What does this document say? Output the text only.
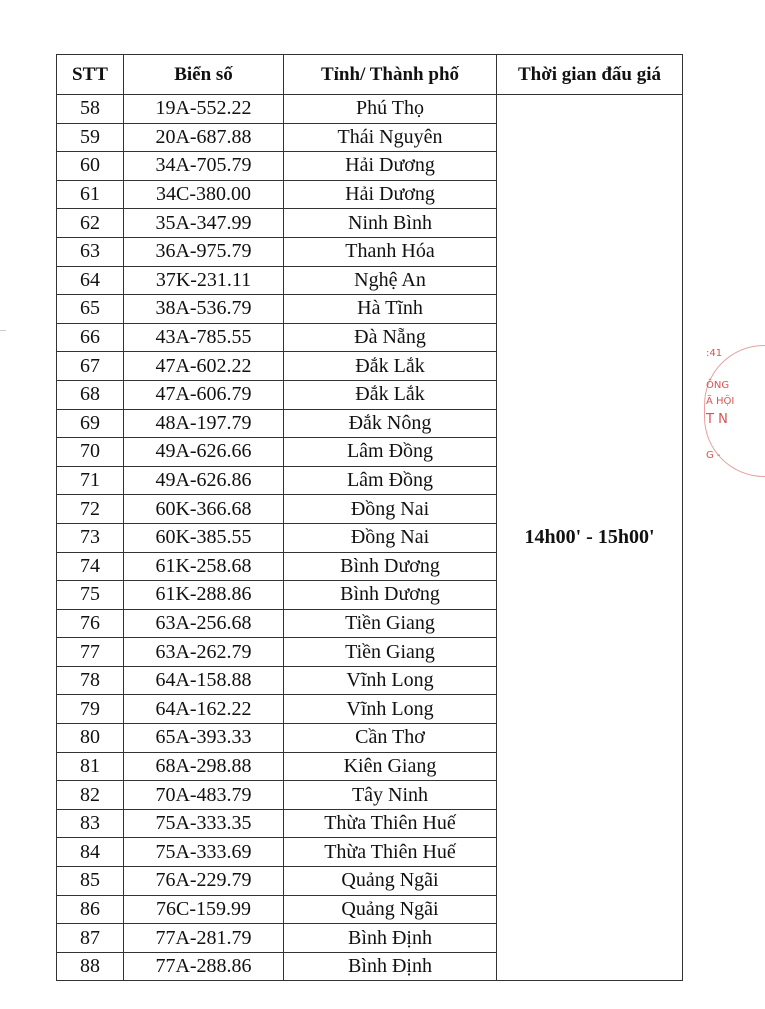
STT	Biển số	Tỉnh/ Thành phố	Thời gian đấu giá
58	19A-552.22	Phú Thọ	14h00' - 15h00'
59	20A-687.88	Thái Nguyên	
60	34A-705.79	Hải Dương	
61	34C-380.00	Hải Dương	
62	35A-347.99	Ninh Bình	
63	36A-975.79	Thanh Hóa	
64	37K-231.11	Nghệ An	
65	38A-536.79	Hà Tĩnh	
66	43A-785.55	Đà Nẵng	
67	47A-602.22	Đắk Lắk	
68	47A-606.79	Đắk Lắk	
69	48A-197.79	Đắk Nông	
70	49A-626.66	Lâm Đồng	
71	49A-626.86	Lâm Đồng	
72	60K-366.68	Đồng Nai	
73	60K-385.55	Đồng Nai	
74	61K-258.68	Bình Dương	
75	61K-288.86	Bình Dương	
76	63A-256.68	Tiền Giang	
77	63A-262.79	Tiền Giang	
78	64A-158.88	Vĩnh Long	
79	64A-162.22	Vĩnh Long	
80	65A-393.33	Cần Thơ	
81	68A-298.88	Kiên Giang	
82	70A-483.79	Tây Ninh	
83	75A-333.35	Thừa Thiên Huế	
84	75A-333.69	Thừa Thiên Huế	
85	76A-229.79	Quảng Ngãi	
86	76C-159.99	Quảng Ngãi	
87	77A-281.79	Bình Định	
88	77A-288.86	Bình Định	
:41
ÔNG
Ã HỘI
T N
G -
